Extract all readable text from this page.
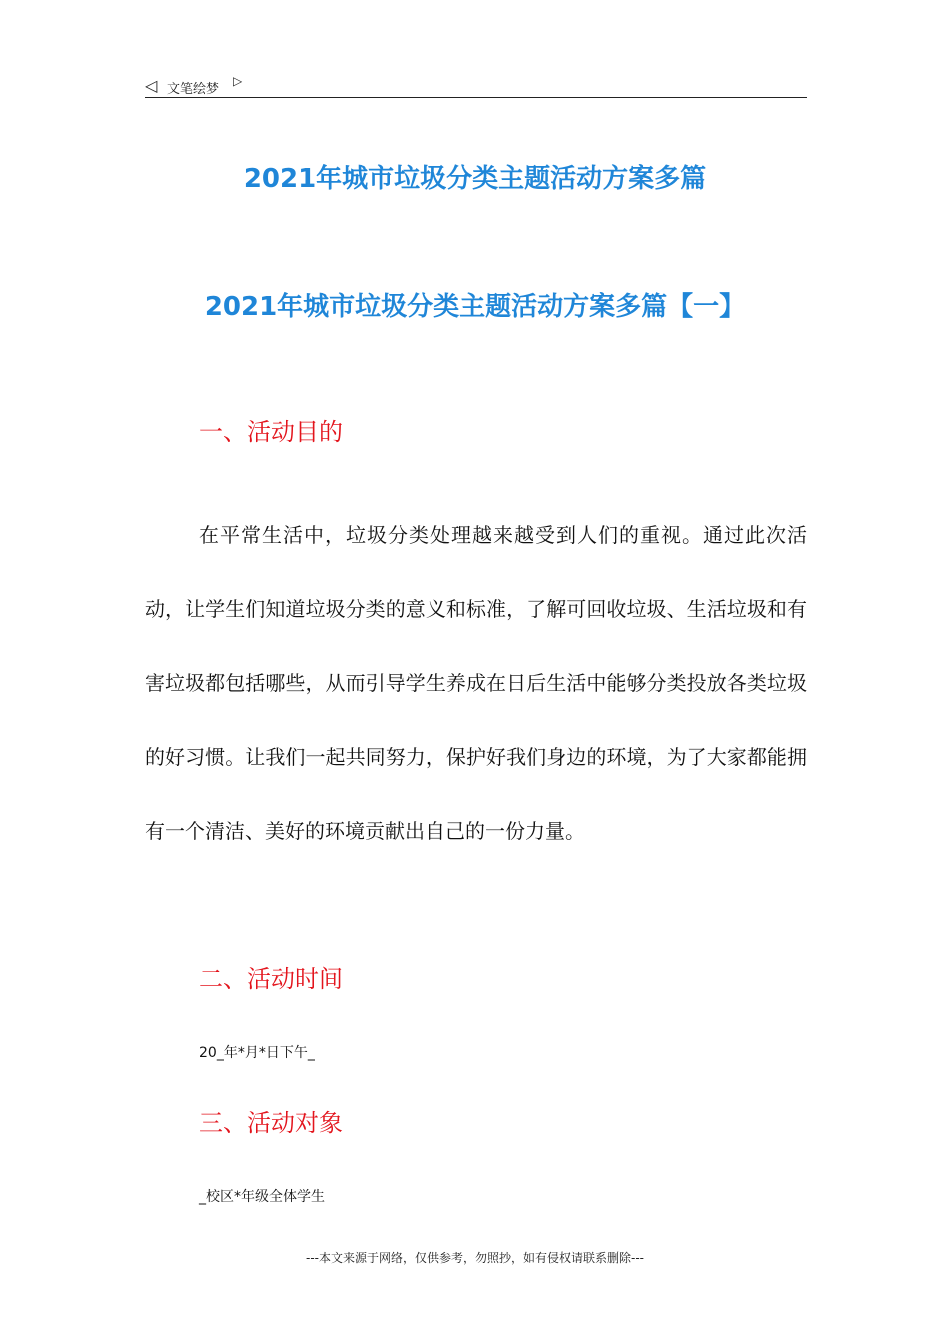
◁ 文笔绘梦
▷
2021年城市垃圾分类主题活动方案多篇
2021年城市垃圾分类主题活动方案多篇【一】
一、活动目的

在平常生活中，垃圾分类处理越来越受到人们的重视。通过此次活动，让学生们知道垃圾分类的意义和标准，了解可回收垃圾、生活垃圾和有害垃圾都包括哪些，从而引导学生养成在日后生活中能够分类投放各类垃圾的好习惯。让我们一起共同努力，保护好我们身边的环境，为了大家都能拥有一个清洁、美好的环境贡献出自己的一份力量。

二、活动时间
20_年*月*日下午_
三、活动对象
_校区*年级全体学生
---本文来源于网络，仅供参考，勿照抄，如有侵权请联系删除---
